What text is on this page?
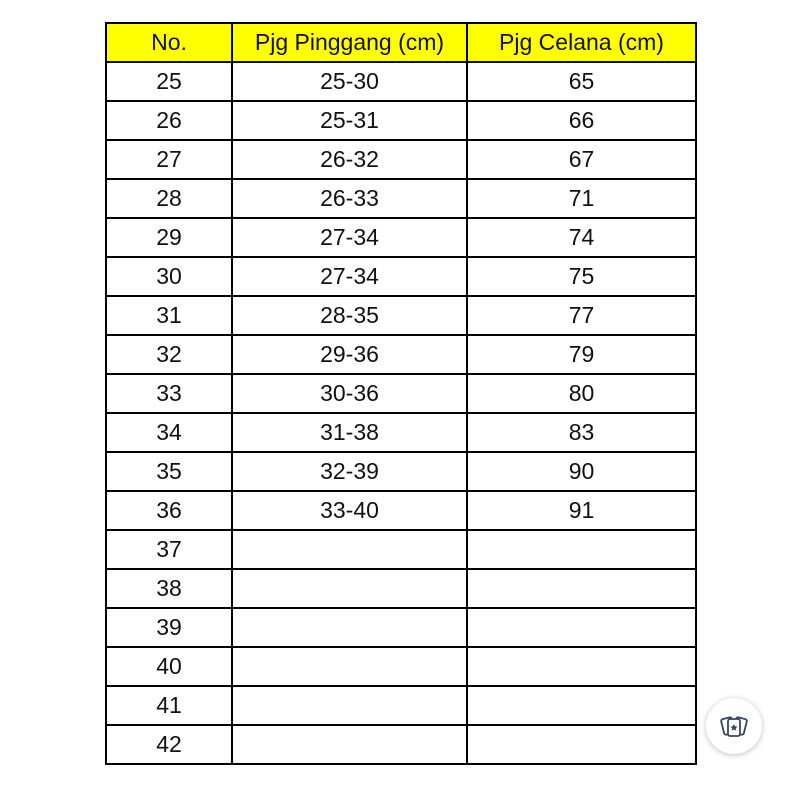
No.	Pjg Pinggang (cm)	Pjg Celana (cm)
25	25-30	65
26	25-31	66
27	26-32	67
28	26-33	71
29	27-34	74
30	27-34	75
31	28-35	77
32	29-36	79
33	30-36	80
34	31-38	83
35	32-39	90
36	33-40	91
37		
38		
39		
40		
41		
42		
